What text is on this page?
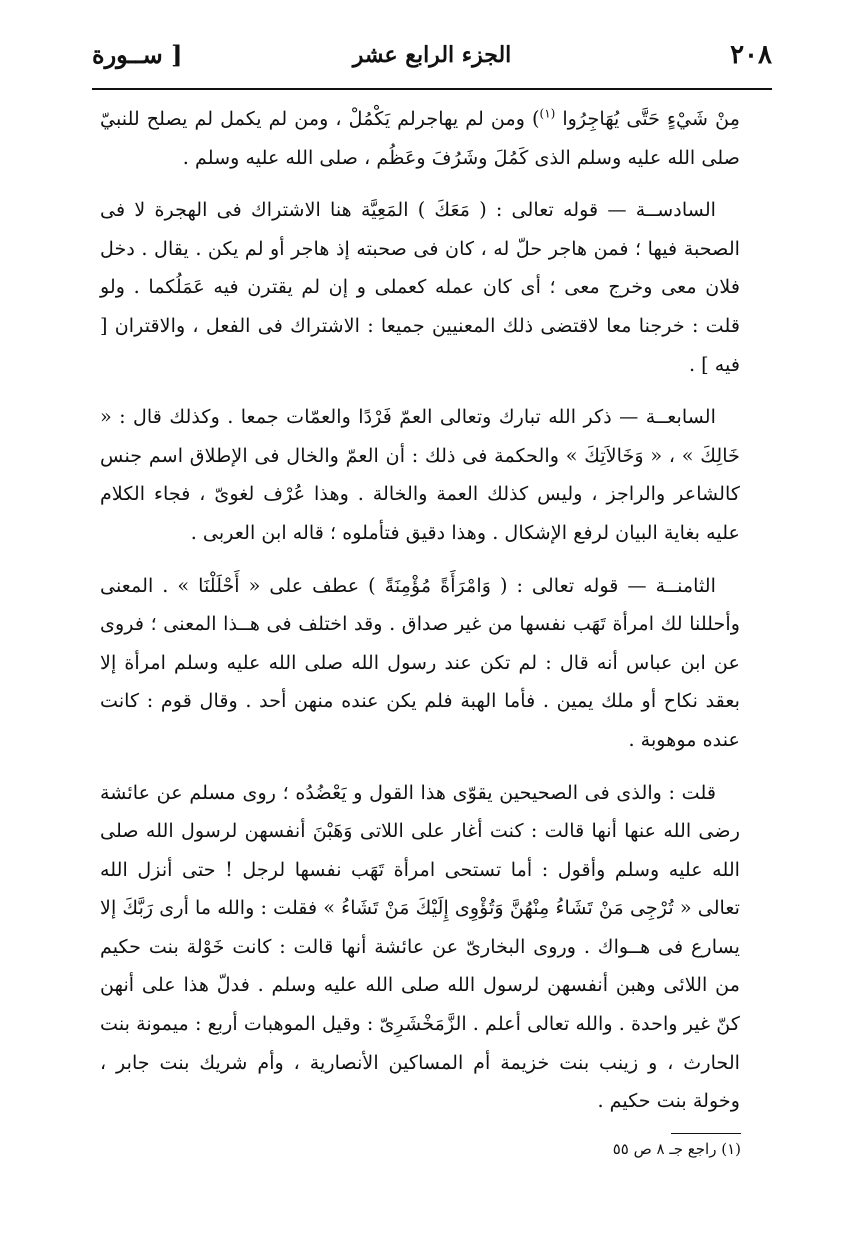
٢٠٨
الجزء الرابع عشر
[ ســورة

مِنْ شَيْءٍ حَتَّى يُهَاجِرُوا $^{(١)}$) ومن لم يهاجرلم يَكْمُلْ ، ومن لم يكمل لم يصلح للنبيّ صلى الله عليه وسلم الذى كَمُلَ وشَرُفَ وعَظُم ، صلى الله عليه وسلم .

السادســة — قوله تعالى : ( مَعَكَ ) المَعِيَّة هنا الاشتراك فى الهجرة لا فى الصحبة فيها ؛ فمن هاجر حلّ له ، كان فى صحبته إذ هاجر أو لم يكن . يقال . دخل فلان معى وخرج معى ؛ أى كان عمله كعملى و إن لم يقترن فيه عَمَلُكما . ولو قلت : خرجنا معا لاقتضى ذلك المعنيين جميعا : الاشتراك فى الفعل ، والاقتران [ فيه ] .

السابعــة — ذكر الله تبارك وتعالى العمّ فَرْدًا والعمّات جمعا . وكذلك قال : « خَالِكَ » ، « وَخَالاَتِكَ » والحكمة فى ذلك : أن العمّ والخال فى الإطلاق اسم جنس كالشاعر والراجز ، وليس كذلك العمة والخالة . وهذا عُرْف لغوىّ ، فجاء الكلام عليه بغاية البيان لرفع الإشكال . وهذا دقيق فتأملوه ؛ قاله ابن العربى .

الثامنــة — قوله تعالى : ( وَامْرَأَةً مُؤْمِنَةً ) عطف على « أَحْلَلْنَا » . المعنى وأحللنا لك امرأة تَهَب نفسها من غير صداق . وقد اختلف فى هــذا المعنى ؛ فروى عن ابن عباس أنه قال : لم تكن عند رسول الله صلى الله عليه وسلم امرأة إلا بعقد نكاح أو ملك يمين . فأما الهبة فلم يكن عنده منهن أحد . وقال قوم : كانت عنده موهوبة .

قلت : والذى فى الصحيحين يقوّى هذا القول و يَعْضُدُه ؛ روى مسلم عن عائشة رضى الله عنها أنها قالت : كنت أغار على اللاتى وَهَبْنَ أنفسهن لرسول الله صلى الله عليه وسلم وأقول : أما تستحى امرأة تَهَب نفسها لرجل ! حتى أنزل الله تعالى « تُرْجِى مَنْ تَشَاءُ مِنْهُنَّ وَتُؤْوِى إِلَيْكَ مَنْ تَشَاءُ » فقلت : والله ما أرى رَبَّكَ إلا يسارع فى هــواك . وروى البخارىّ عن عائشة أنها قالت : كانت خَوْلة بنت حكيم من اللائى وهبن أنفسهن لرسول الله صلى الله عليه وسلم . فدلّ هذا على أنهن كنّ غير واحدة . والله تعالى أعلم . الزَّمَخْشَرِىّ : وقيل الموهبات أربع : ميمونة بنت الحارث ، و زينب بنت خزيمة أم المساكين الأنصارية ، وأم شريك بنت جابر ، وخولة بنت حكيم .

(١) راجع جـ ٨ ص ٥٥
